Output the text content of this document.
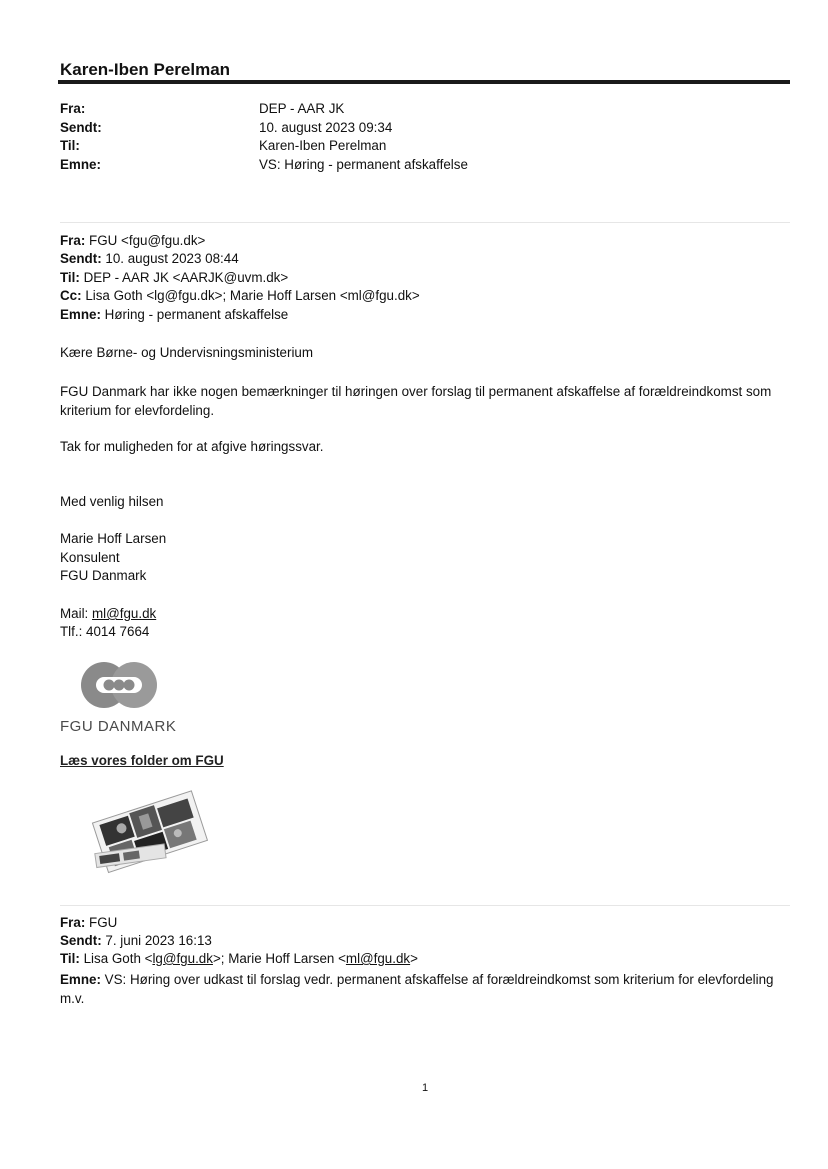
Karen-Iben Perelman
Fra:	DEP - AAR JK
Sendt:	10. august 2023 09:34
Til:	Karen-Iben Perelman
Emne:	VS: Høring - permanent afskaffelse
Fra: FGU <fgu@fgu.dk>
Sendt: 10. august 2023 08:44
Til: DEP - AAR JK <AARJK@uvm.dk>
Cc: Lisa Goth <lg@fgu.dk>; Marie Hoff Larsen <ml@fgu.dk>
Emne: Høring - permanent afskaffelse
Kære Børne- og Undervisningsministerium
FGU Danmark har ikke nogen bemærkninger til høringen over forslag til permanent afskaffelse af forældreindkomst som kriterium for elevfordeling.
Tak for muligheden for at afgive høringssvar.
Med venlig hilsen
Marie Hoff Larsen
Konsulent
FGU Danmark
Mail: ml@fgu.dk
Tlf.: 4014 7664
FGU DANMARK
Læs vores folder om FGU
Fra: FGU
Sendt: 7. juni 2023 16:13
Til: Lisa Goth <lg@fgu.dk>; Marie Hoff Larsen <ml@fgu.dk>
Emne: VS: Høring over udkast til forslag vedr. permanent afskaffelse af forældreindkomst som kriterium for elevfordeling m.v.
1
